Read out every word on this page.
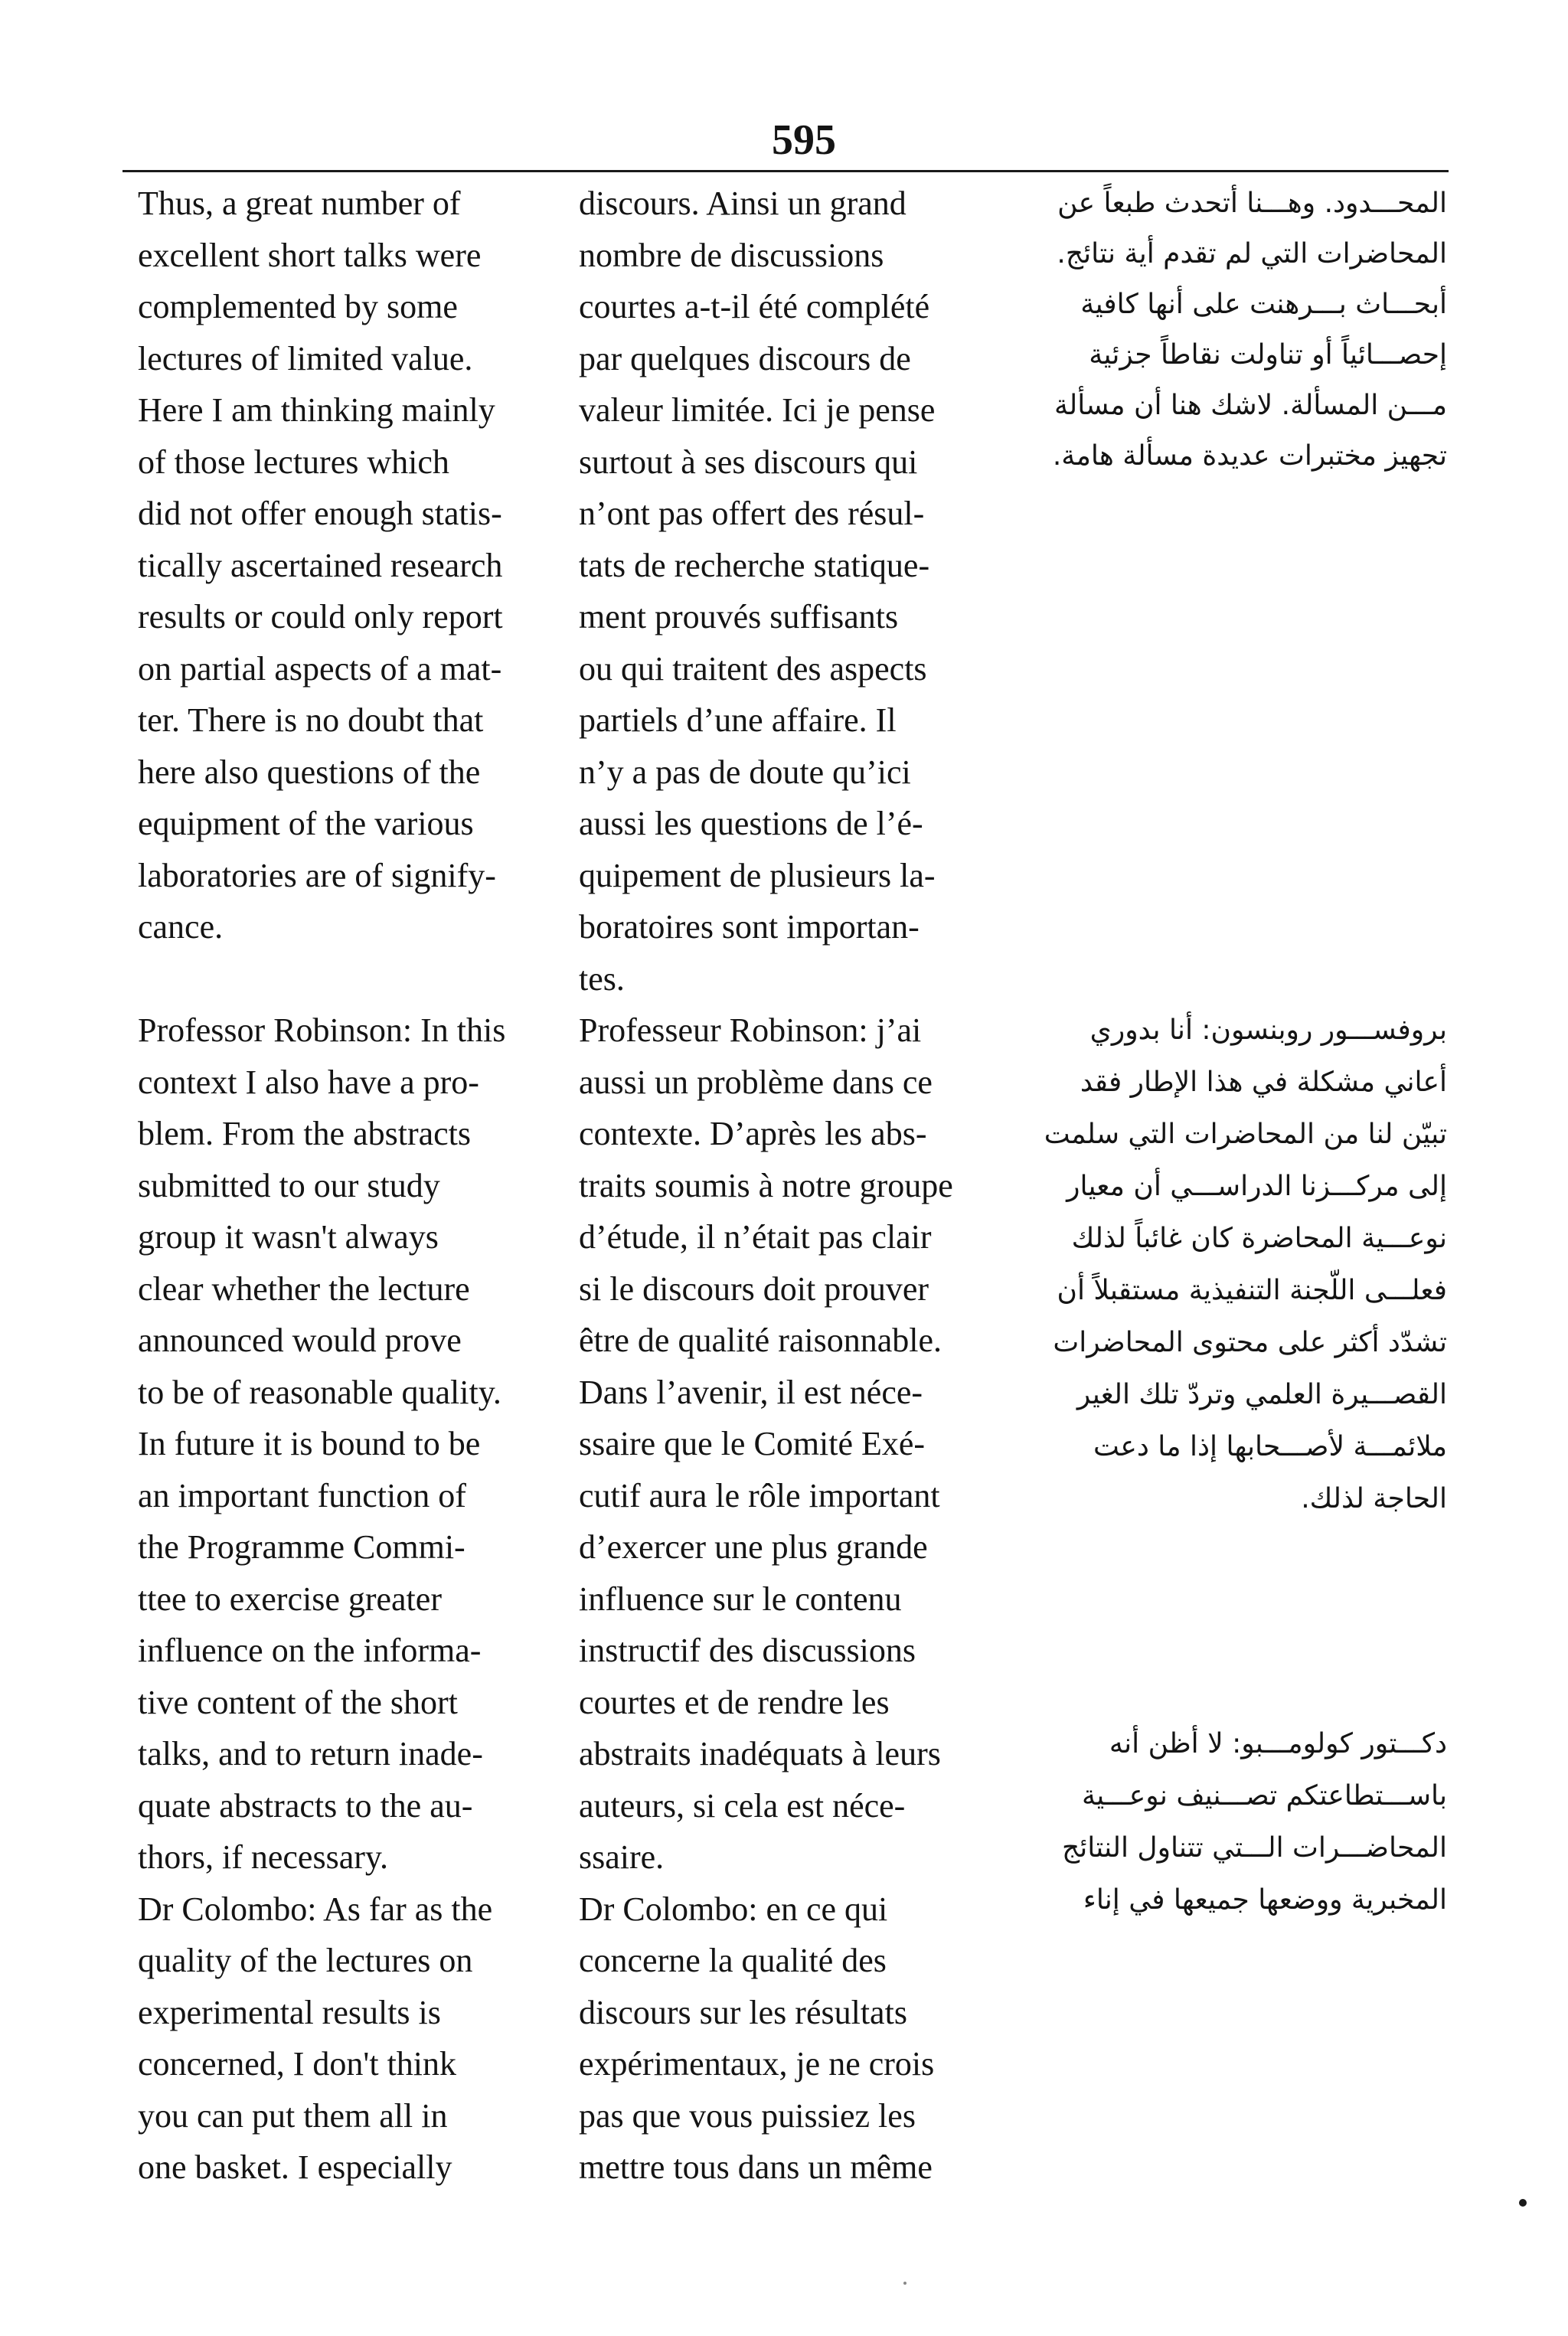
595
Thus, a great number of
excellent short talks were
complemented by some
lectures of limited value.
Here I am thinking mainly
of those lectures which
did not offer enough statis-
tically ascertained research
results or could only report
on partial aspects of a mat-
ter. There is no doubt that
here also questions of the
equipment of the various
laboratories are of signify-
cance.
Professor Robinson: In this
context I also have a pro-
blem. From the abstracts
submitted to our study
group it wasn't always
clear whether the lecture
announced would prove
to be of reasonable quality.
In future it is bound to be
an important function of
the Programme Commi-
ttee to exercise greater
influence on the informa-
tive content of the short
talks, and to return inade-
quate abstracts to the au-
thors, if necessary.
Dr Colombo: As far as the
quality of the lectures on
experimental results is
concerned, I don't think
you can put them all in
one basket. I especially
discours. Ainsi un grand
nombre de discussions
courtes a-t-il été complété
par quelques discours de
valeur limitée. Ici je pense
surtout à ses discours qui
n’ont pas offert des résul-
tats de recherche statique-
ment prouvés suffisants
ou qui traitent des aspects
partiels d’une affaire. Il
n’y a pas de doute qu’ici
aussi les questions de l’é-
quipement de plusieurs la-
boratoires sont importan-
tes.
Professeur Robinson: j’ai
aussi un problème dans ce
contexte. D’après les abs-
traits soumis à notre groupe
d’étude, il n’était pas clair
si le discours doit prouver
être de qualité raisonnable.
Dans l’avenir, il est néce-
ssaire que le Comité Exé-
cutif aura le rôle important
d’exercer une plus grande
influence sur le contenu
instructif des discussions
courtes et de rendre les
abstraits inadéquats à leurs
auteurs, si cela est néce-
ssaire.
Dr Colombo: en ce qui
concerne la qualité des
discours sur les résultats
expérimentaux, je ne crois
pas que vous puissiez les
mettre tous dans un même
المحـــدود. وهـــنا أتحدث طبعاً عن
المحاضرات التي لم تقدم أية نتائج.
أبحـــاث بـــرهنت على أنها كافية
إحصـــائياً أو تناولت نقاطاً جزئية
مـــن المسألة. لاشك هنا أن مسألة
تجهيز مختبرات عديدة مسألة هامة.
بروفســـور روبنسون: أنا بدوري
أعاني مشكلة في هذا الإطار فقد
تبيّن لنا من المحاضرات التي سلمت
إلى مركـــزنا الدراســـي أن معيار
نوعـــية المحاضرة كان غائباً لذلك
فعلـــى اللّجنة التنفيذية مستقبلاً أن
تشدّد أكثر على محتوى المحاضرات
القصـــيرة العلمي وتردّ تلك الغير
ملائمـــة لأصـــحابها إذا ما دعت
الحاجة لذلك.
دكـــتور كولومـــبو: لا أظن أنه
باســـتطاعتكم تصـــنيف نوعـــية
المحاضـــرات الـــتي تتناول النتائج
المخبرية ووضعها جميعها في إناء
